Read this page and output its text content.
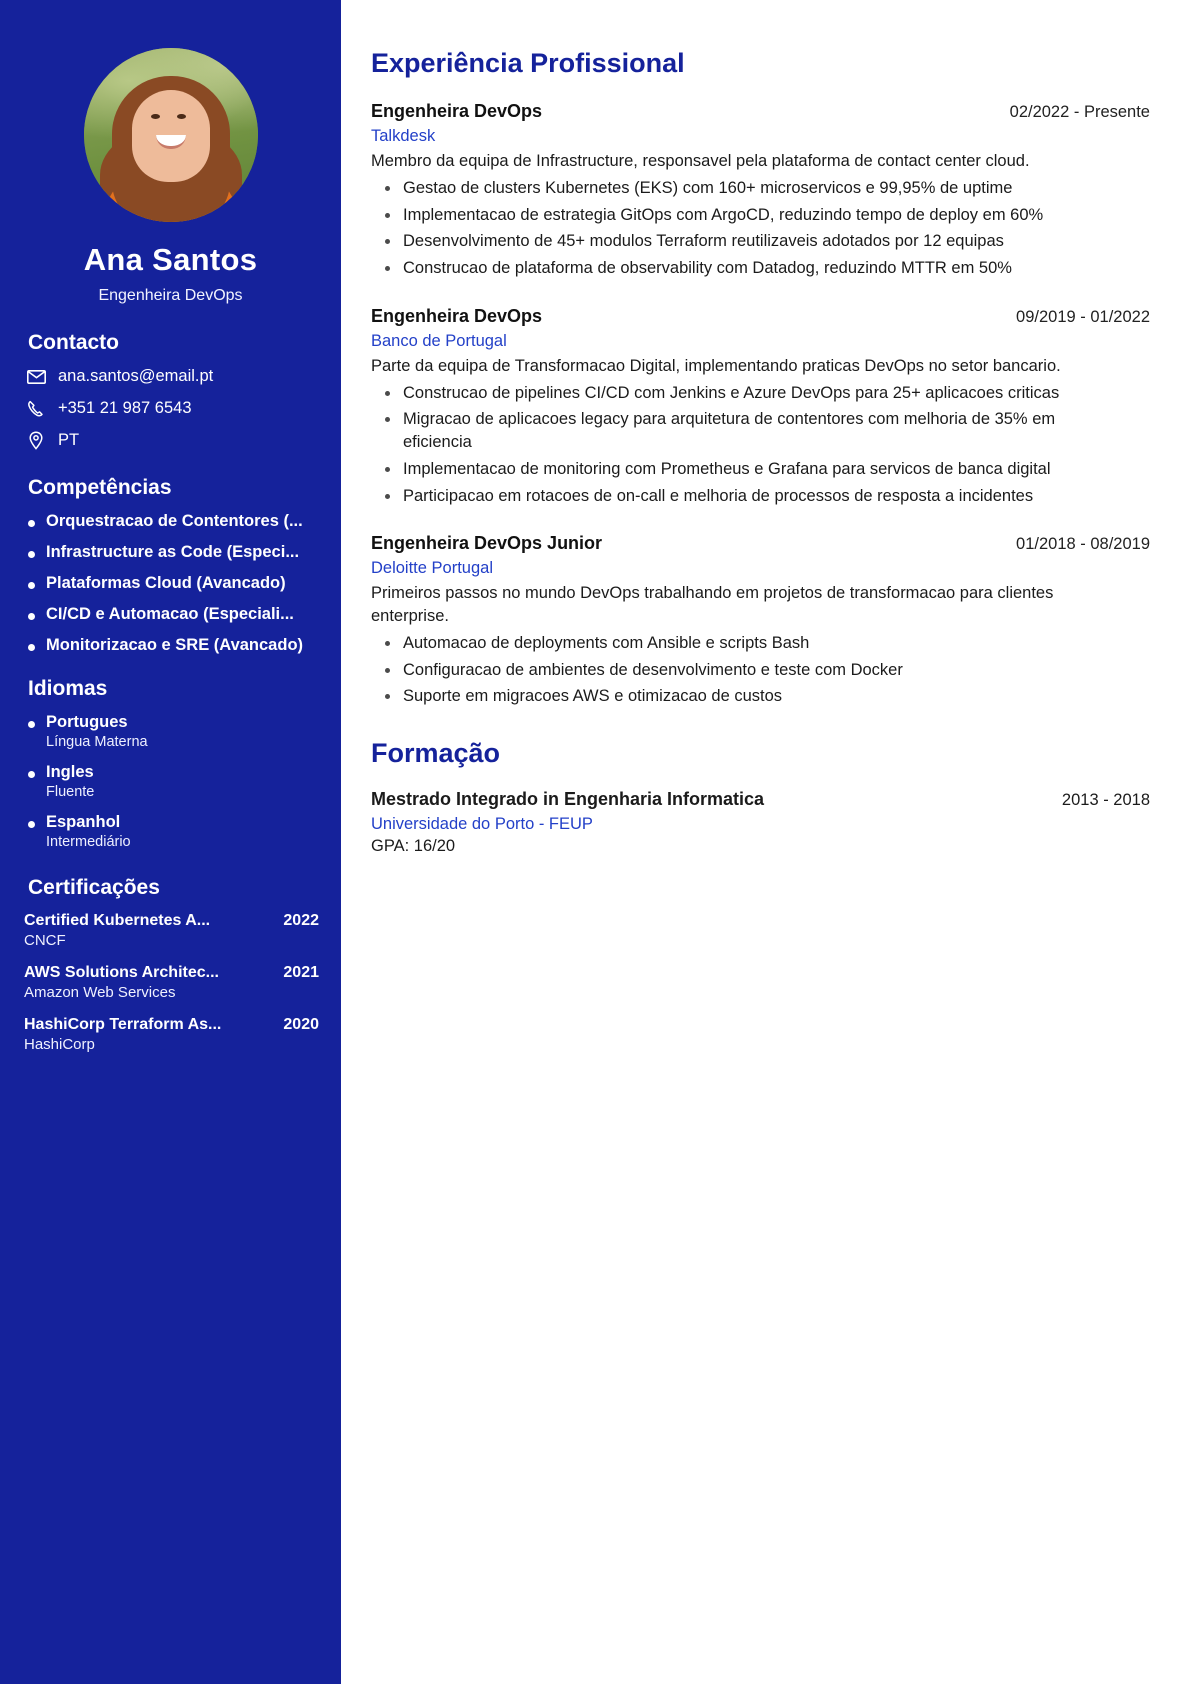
Ana Santos
Engenheira DevOps
Contacto
ana.santos@email.pt
+351 21 987 6543
PT
Competências
Orquestracao de Contentores (...
Infrastructure as Code (Especi...
Plataformas Cloud (Avancado)
CI/CD e Automacao (Especiali...
Monitorizacao e SRE (Avancado)
Idiomas
Portugues
Língua Materna
Ingles
Fluente
Espanhol
Intermediário
Certificações
Certified Kubernetes A...	2022
CNCF
AWS Solutions Architec...	2021
Amazon Web Services
HashiCorp Terraform As...	2020
HashiCorp
Experiência Profissional
Engenheira DevOps	02/2022 - Presente
Talkdesk
Membro da equipa de Infrastructure, responsavel pela plataforma de contact center cloud.
Gestao de clusters Kubernetes (EKS) com 160+ microservicos e 99,95% de uptime
Implementacao de estrategia GitOps com ArgoCD, reduzindo tempo de deploy em 60%
Desenvolvimento de 45+ modulos Terraform reutilizaveis adotados por 12 equipas
Construcao de plataforma de observability com Datadog, reduzindo MTTR em 50%
Engenheira DevOps	09/2019 - 01/2022
Banco de Portugal
Parte da equipa de Transformacao Digital, implementando praticas DevOps no setor bancario.
Construcao de pipelines CI/CD com Jenkins e Azure DevOps para 25+ aplicacoes criticas
Migracao de aplicacoes legacy para arquitetura de contentores com melhoria de 35% em eficiencia
Implementacao de monitoring com Prometheus e Grafana para servicos de banca digital
Participacao em rotacoes de on-call e melhoria de processos de resposta a incidentes
Engenheira DevOps Junior	01/2018 - 08/2019
Deloitte Portugal
Primeiros passos no mundo DevOps trabalhando em projetos de transformacao para clientes enterprise.
Automacao de deployments com Ansible e scripts Bash
Configuracao de ambientes de desenvolvimento e teste com Docker
Suporte em migracoes AWS e otimizacao de custos
Formação
Mestrado Integrado in Engenharia Informatica	2013 - 2018
Universidade do Porto - FEUP
GPA: 16/20
